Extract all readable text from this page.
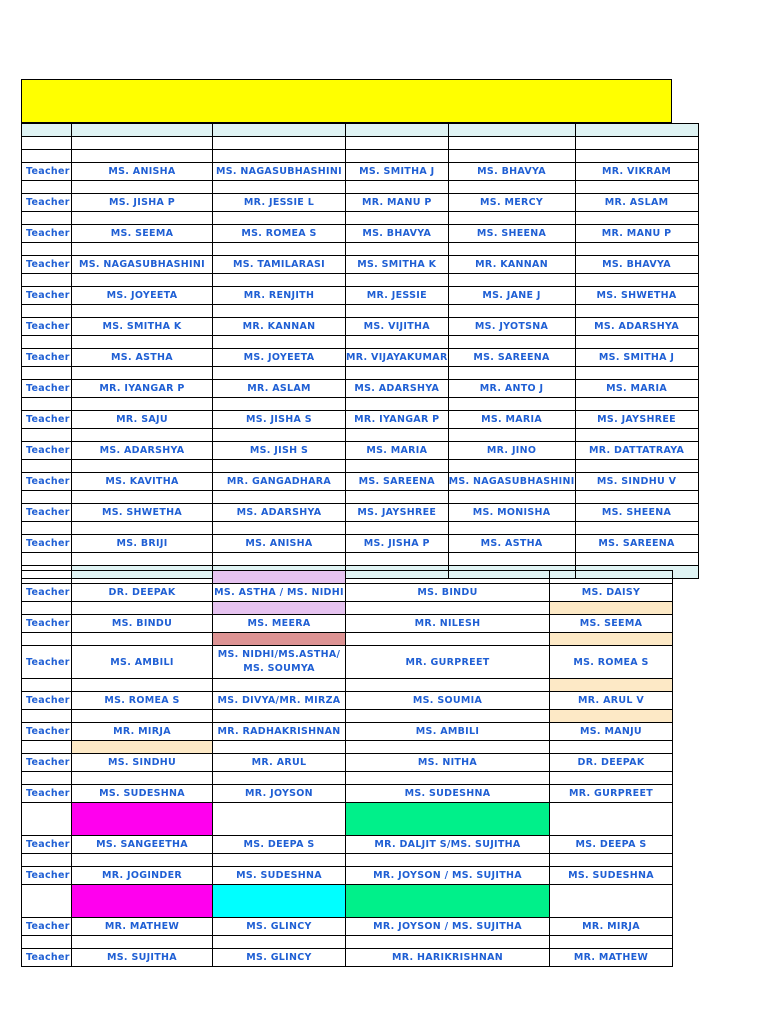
Teacher	MS. ANISHA	MS. NAGASUBHASHINI	MS. SMITHA J	MS. BHAVYA	MR. VIKRAM

Teacher	MS. JISHA P	MR. JESSIE L	MR. MANU P	MS. MERCY	MR. ASLAM

Teacher	MS. SEEMA	MS. ROMEA S	MS. BHAVYA	MS. SHEENA	MR. MANU P

Teacher	MS. NAGASUBHASHINI	MS. TAMILARASI	MS. SMITHA K	MR. KANNAN	MS. BHAVYA

Teacher	MS. JOYEETA	MR. RENJITH	MR. JESSIE	MS. JANE J	MS. SHWETHA

Teacher	MS. SMITHA K	MR. KANNAN	MS. VIJITHA	MS. JYOTSNA	MS. ADARSHYA

Teacher	MS. ASTHA	MS. JOYEETA	MR. VIJAYAKUMAR	MS. SAREENA	MS. SMITHA J

Teacher	MR. IYANGAR P	MR. ASLAM	MS. ADARSHYA	MR. ANTO J	MS. MARIA

Teacher	MR. SAJU	MS. JISHA S	MR. IYANGAR P	MS. MARIA	MS. JAYSHREE

Teacher	MS. ADARSHYA	MS. JISH S	MS. MARIA	MR. JINO	MR. DATTATRAYA

Teacher	MS. KAVITHA	MR. GANGADHARA	MS. SAREENA	MS. NAGASUBHASHINI	MS. SINDHU V

Teacher	MS. SHWETHA	MS. ADARSHYA	MS. JAYSHREE	MS. MONISHA	MS. SHEENA

Teacher	MS. BRIJI	MS. ANISHA	MS. JISHA P	MS. ASTHA	MS. SAREENA

Teacher	DR. DEEPAK	MS. ASTHA / MS. NIDHI	MS. BINDU	MS. DAISY

Teacher	MS. BINDU	MS. MEERA	MR. NILESH	MS. SEEMA

Teacher	MS. AMBILI	MS. NIDHI/MS.ASTHA/ MS. SOUMYA	MR. GURPREET	MS. ROMEA S

Teacher	MS. ROMEA S	MS. DIVYA/MR. MIRZA	MS. SOUMIA	MR. ARUL V

Teacher	MR. MIRJA	MR. RADHAKRISHNAN	MS. AMBILI	MS. MANJU

Teacher	MS. SINDHU	MR. ARUL	MS. NITHA	DR. DEEPAK

Teacher	MS. SUDESHNA	MR. JOYSON	MS. SUDESHNA	MR. GURPREET

Teacher	MS. SANGEETHA	MS. DEEPA S	MR. DALJIT S/MS. SUJITHA	MS. DEEPA S

Teacher	MR. JOGINDER	MS. SUDESHNA	MR. JOYSON / MS. SUJITHA	MS. SUDESHNA

Teacher	MR. MATHEW	MS. GLINCY	MR. JOYSON / MS. SUJITHA	MR. MIRJA

Teacher	MS. SUJITHA	MS. GLINCY	MR. HARIKRISHNAN	MR. MATHEW
